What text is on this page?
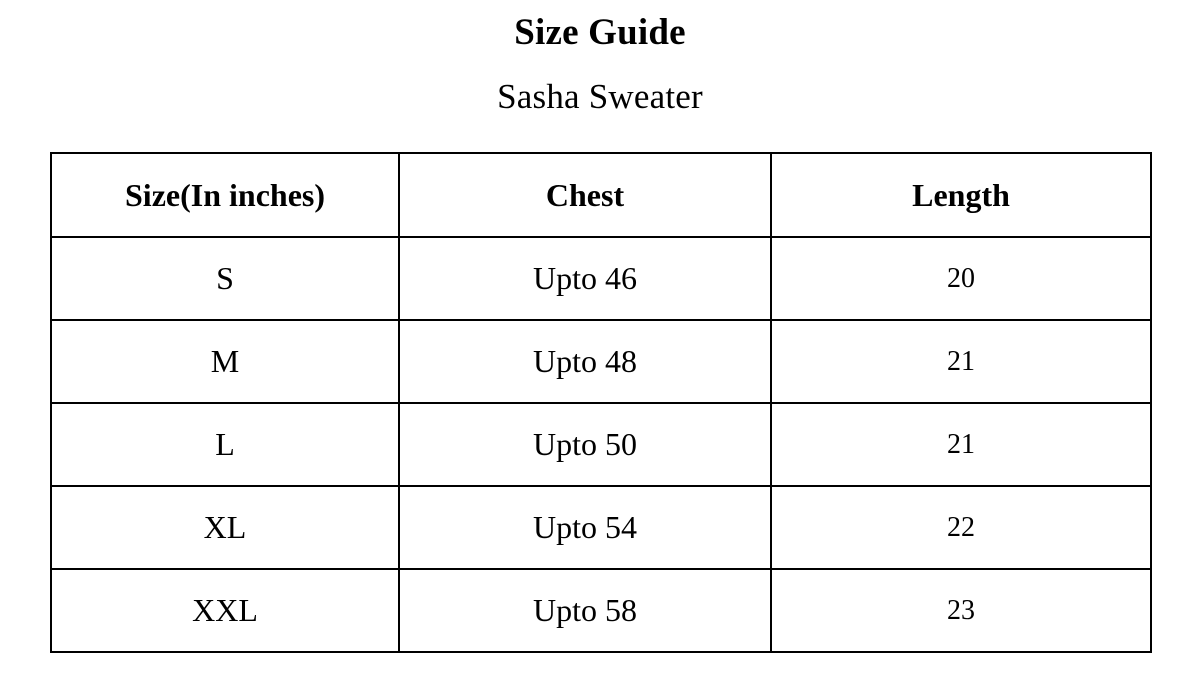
Size Guide
Sasha Sweater
Size(In inches)	Chest	Length
S	Upto 46	20
M	Upto 48	21
L	Upto 50	21
XL	Upto 54	22
XXL	Upto 58	23
